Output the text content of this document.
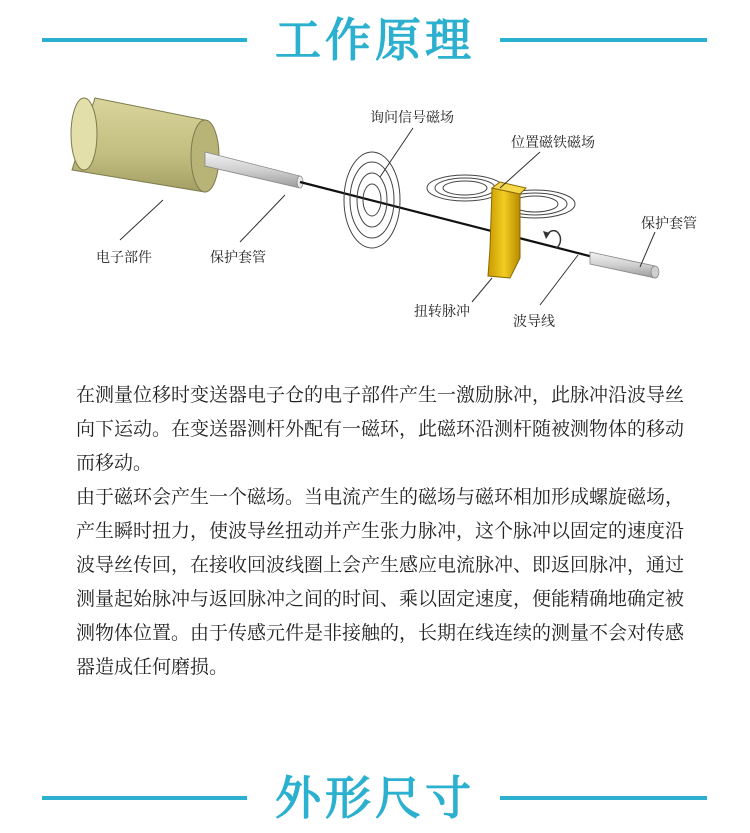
工作原理
电子部件	保护套管
询问信号磁场
位置磁铁磁场
保护套管
扭转脉冲
波导线

在测量位移时变送器电子仓的电子部件产生一激励脉冲，此脉冲沿波导丝向下运动。在变送器测杆外配有一磁环，此磁环沿测杆随被测物体的移动而移动。

由于磁环会产生一个磁场。当电流产生的磁场与磁环相加形成螺旋磁场，产生瞬时扭力，使波导丝扭动并产生张力脉冲，这个脉冲以固定的速度沿波导丝传回，在接收回波线圈上会产生感应电流脉冲、即返回脉冲，通过测量起始脉冲与返回脉冲之间的时间、乘以固定速度，便能精确地确定被测物体位置。由于传感元件是非接触的，长期在线连续的测量不会对传感器造成任何磨损。

外形尺寸
